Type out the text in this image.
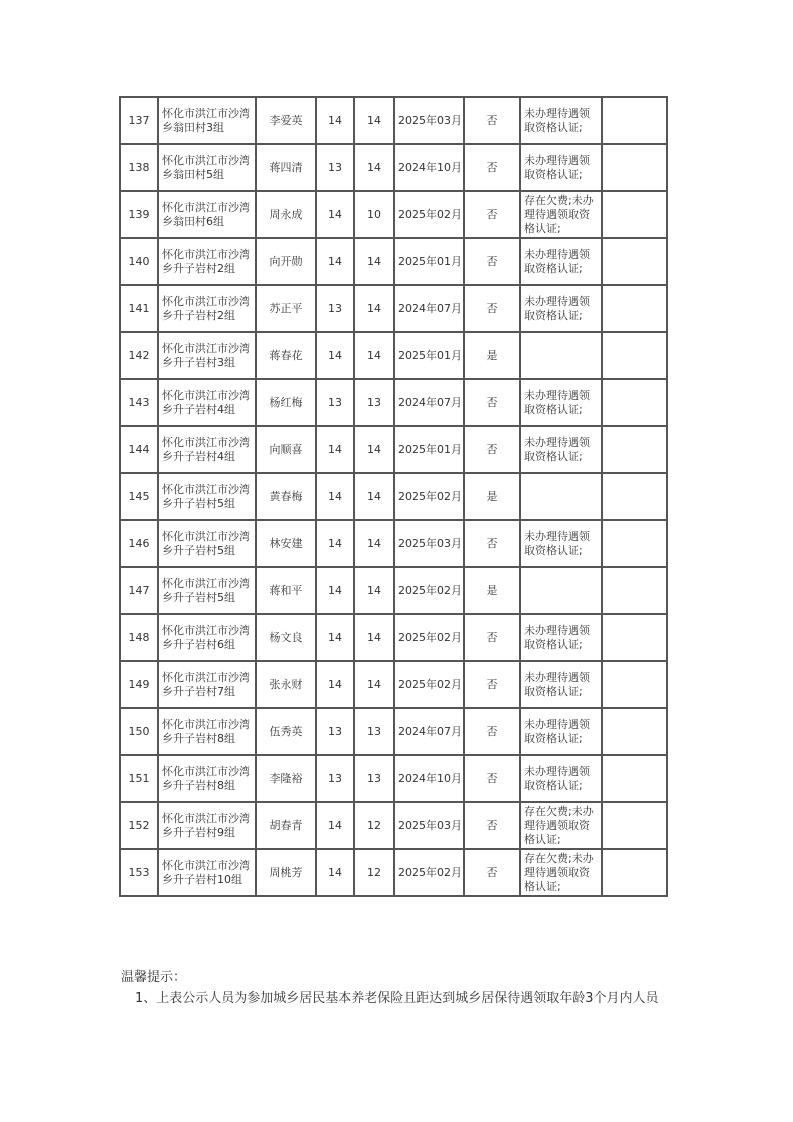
137	怀化市洪江市沙湾乡翁田村3组	李爱英	14	14	2025年03月	否	未办理待遇领取资格认证;	
138	怀化市洪江市沙湾乡翁田村5组	蒋四清	13	14	2024年10月	否	未办理待遇领取资格认证;	
139	怀化市洪江市沙湾乡翁田村6组	周永成	14	10	2025年02月	否	存在欠费;未办理待遇领取资格认证;	
140	怀化市洪江市沙湾乡升子岩村2组	向开勋	14	14	2025年01月	否	未办理待遇领取资格认证;	
141	怀化市洪江市沙湾乡升子岩村2组	苏正平	13	14	2024年07月	否	未办理待遇领取资格认证;	
142	怀化市洪江市沙湾乡升子岩村3组	蒋春花	14	14	2025年01月	是		
143	怀化市洪江市沙湾乡升子岩村4组	杨红梅	13	13	2024年07月	否	未办理待遇领取资格认证;	
144	怀化市洪江市沙湾乡升子岩村4组	向顺喜	14	14	2025年01月	否	未办理待遇领取资格认证;	
145	怀化市洪江市沙湾乡升子岩村5组	黄春梅	14	14	2025年02月	是		
146	怀化市洪江市沙湾乡升子岩村5组	林安建	14	14	2025年03月	否	未办理待遇领取资格认证;	
147	怀化市洪江市沙湾乡升子岩村5组	蒋和平	14	14	2025年02月	是		
148	怀化市洪江市沙湾乡升子岩村6组	杨文良	14	14	2025年02月	否	未办理待遇领取资格认证;	
149	怀化市洪江市沙湾乡升子岩村7组	张永财	14	14	2025年02月	否	未办理待遇领取资格认证;	
150	怀化市洪江市沙湾乡升子岩村8组	伍秀英	13	13	2024年07月	否	未办理待遇领取资格认证;	
151	怀化市洪江市沙湾乡升子岩村8组	李隆裕	13	13	2024年10月	否	未办理待遇领取资格认证;	
152	怀化市洪江市沙湾乡升子岩村9组	胡春青	14	12	2025年03月	否	存在欠费;未办理待遇领取资格认证;	
153	怀化市洪江市沙湾乡升子岩村10组	周桃芳	14	12	2025年02月	否	存在欠费;未办理待遇领取资格认证;	
温馨提示：
1、上表公示人员为参加城乡居民基本养老保险且距达到城乡居保待遇领取年龄3个月内人员
